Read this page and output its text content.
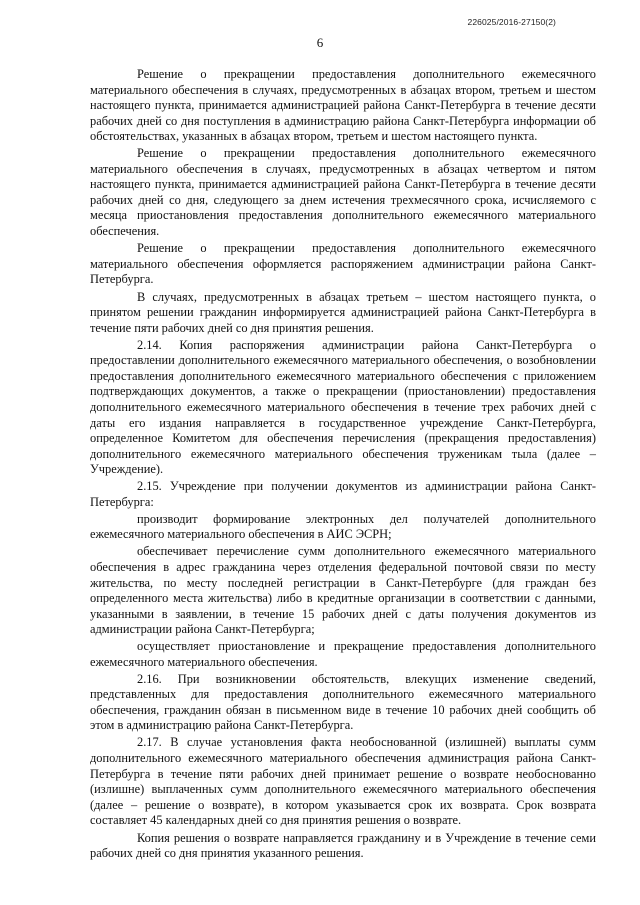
226025/2016-27150(2)
6

Решение о прекращении предоставления дополнительного ежемесячного материального обеспечения в случаях, предусмотренных в абзацах втором, третьем и шестом настоящего пункта, принимается администрацией района Санкт-Петербурга в течение десяти рабочих дней со дня поступления в администрацию района Санкт-Петербурга информации об обстоятельствах, указанных в абзацах втором, третьем и шестом настоящего пункта.

Решение о прекращении предоставления дополнительного ежемесячного материального обеспечения в случаях, предусмотренных в абзацах четвертом и пятом настоящего пункта, принимается администрацией района Санкт-Петербурга в течение десяти рабочих дней со дня, следующего за днем истечения трехмесячного срока, исчисляемого с месяца приостановления предоставления дополнительного ежемесячного материального обеспечения.

Решение о прекращении предоставления дополнительного ежемесячного материального обеспечения оформляется распоряжением администрации района Санкт-Петербурга.

В случаях, предусмотренных в абзацах третьем – шестом настоящего пункта, о принятом решении гражданин информируется администрацией района Санкт-Петербурга в течение пяти рабочих дней со дня принятия решения.

2.14. Копия распоряжения администрации района Санкт-Петербурга о предоставлении дополнительного ежемесячного материального обеспечения, о возобновлении предоставления дополнительного ежемесячного материального обеспечения с приложением подтверждающих документов, а также о прекращении (приостановлении) предоставления дополнительного ежемесячного материального обеспечения в течение трех рабочих дней с даты его издания направляется в государственное учреждение Санкт-Петербурга, определенное Комитетом для обеспечения перечисления (прекращения предоставления) дополнительного ежемесячного материального обеспечения труженикам тыла (далее – Учреждение).

2.15. Учреждение при получении документов из администрации района Санкт-Петербурга:

производит формирование электронных дел получателей дополнительного ежемесячного материального обеспечения в АИС ЭСРН;

обеспечивает перечисление сумм дополнительного ежемесячного материального обеспечения в адрес гражданина через отделения федеральной почтовой связи по месту жительства, по месту последней регистрации в Санкт-Петербурге (для граждан без определенного места жительства) либо в кредитные организации в соответствии с данными, указанными в заявлении, в течение 15 рабочих дней с даты получения документов из администрации района Санкт-Петербурга;

осуществляет приостановление и прекращение предоставления дополнительного ежемесячного материального обеспечения.

2.16. При возникновении обстоятельств, влекущих изменение сведений, представленных для предоставления дополнительного ежемесячного материального обеспечения, гражданин обязан в письменном виде в течение 10 рабочих дней сообщить об этом в администрацию района Санкт-Петербурга.

2.17. В случае установления факта необоснованной (излишней) выплаты сумм дополнительного ежемесячного материального обеспечения администрация района Санкт-Петербурга в течение пяти рабочих дней принимает решение о возврате необоснованно (излишне) выплаченных сумм дополнительного ежемесячного материального обеспечения (далее – решение о возврате), в котором указывается срок их возврата. Срок возврата составляет 45 календарных дней со дня принятия решения о возврате.

Копия решения о возврате направляется гражданину и в Учреждение в течение семи рабочих дней со дня принятия указанного решения.
